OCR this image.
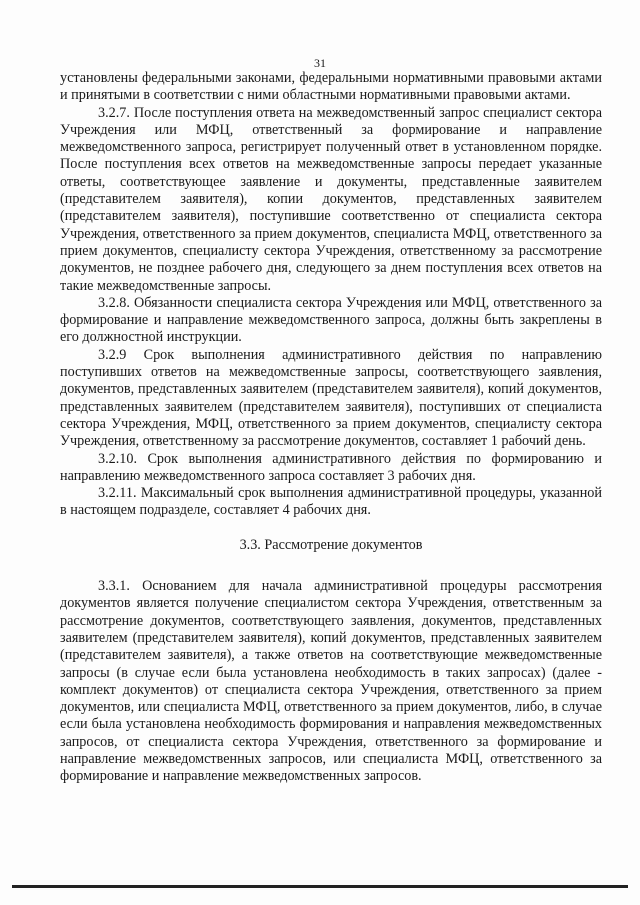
31

установлены федеральными законами, федеральными нормативными правовыми актами и принятыми в соответствии с ними областными нормативными правовыми актами.

3.2.7. После поступления ответа на межведомственный запрос специалист сектора Учреждения или МФЦ, ответственный за формирование и направление межведомственного запроса, регистрирует полученный ответ в установленном порядке. После поступления всех ответов на межведомственные запросы передает указанные ответы, соответствующее заявление и документы, представленные заявителем (представителем заявителя), копии документов, представленных заявителем (представителем заявителя), поступившие соответственно от специалиста сектора Учреждения, ответственного за прием документов, специалиста МФЦ, ответственного за прием документов, специалисту сектора Учреждения, ответственному за рассмотрение документов, не позднее рабочего дня, следующего за днем поступления всех ответов на такие межведомственные запросы.

3.2.8. Обязанности специалиста сектора Учреждения или МФЦ, ответственного за формирование и направление межведомственного запроса, должны быть закреплены в его должностной инструкции.

3.2.9 Срок выполнения административного действия по направлению поступивших ответов на межведомственные запросы, соответствующего заявления, документов, представленных заявителем (представителем заявителя), копий документов, представленных заявителем (представителем заявителя), поступивших от специалиста сектора Учреждения, МФЦ, ответственного за прием документов, специалисту сектора Учреждения, ответственному за рассмотрение документов, составляет 1 рабочий день.

3.2.10. Срок выполнения административного действия по формированию и направлению межведомственного запроса составляет 3 рабочих дня.

3.2.11. Максимальный срок выполнения административной процедуры, указанной в настоящем подразделе, составляет 4 рабочих дня.

3.3. Рассмотрение документов

3.3.1. Основанием для начала административной процедуры рассмотрения документов является получение специалистом сектора Учреждения, ответственным за рассмотрение документов, соответствующего заявления, документов, представленных заявителем (представителем заявителя), копий документов, представленных заявителем (представителем заявителя), а также ответов на соответствующие межведомственные запросы (в случае если была установлена необходимость в таких запросах) (далее - комплект документов) от специалиста сектора Учреждения, ответственного за прием документов, или специалиста МФЦ, ответственного за прием документов, либо, в случае если была установлена необходимость формирования и направления межведомственных запросов, от специалиста сектора Учреждения, ответственного за формирование и направление межведомственных запросов, или специалиста МФЦ, ответственного за формирование и направление межведомственных запросов.
